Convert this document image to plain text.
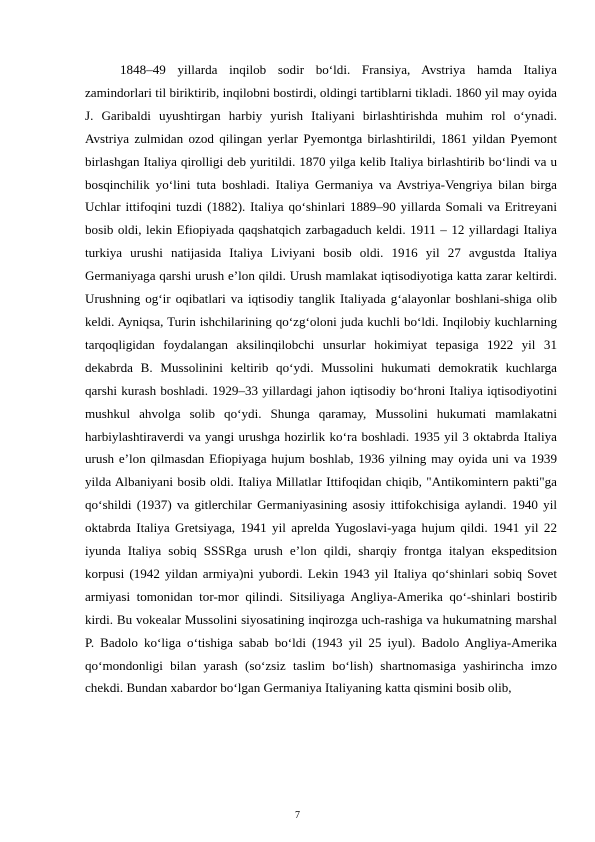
1848–49 yillarda inqilob sodir bo‘ldi. Fransiya, Avstriya hamda Italiya zamindorlari til biriktirib, inqilobni bostirdi, oldingi tartiblarni tikladi. 1860 yil may oyida J. Garibaldi uyushtirgan harbiy yurish Italiyani birlashtirishda muhim rol o‘ynadi. Avstriya zulmidan ozod qilingan yerlar Pyemontga birlashtirildi, 1861 yildan Pyemont birlashgan Italiya qirolligi deb yuritildi. 1870 yilga kelib Italiya birlashtirib bo‘lindi va u bosqinchilik yo‘lini tuta boshladi. Italiya Germaniya va Avstriya-Vengriya bilan birga Uchlar ittifoqini tuzdi (1882). Italiya qo‘shinlari 1889–90 yillarda Somali va Eritreyani bosib oldi, lekin Efiopiyada qaqshatqich zarbagaduch keldi. 1911 – 12 yillardagi Italiya turkiya urushi natijasida Italiya Liviyani bosib oldi. 1916 yil 27 avgustda Italiya Germaniyaga qarshi urush e’lon qildi. Urush mamlakat iqtisodiyotiga katta zarar keltirdi. Urushning og‘ir oqibatlari va iqtisodiy tanglik Italiyada g‘alayonlar boshlani-shiga olib keldi. Ayniqsa, Turin ishchilarining qo‘zg‘oloni juda kuchli bo‘ldi. Inqilobiy kuchlarning tarqoqligidan foydalangan aksilinqilobchi unsurlar hokimiyat tepasiga 1922 yil 31 dekabrda B. Mussolinini keltirib qo‘ydi. Mussolini hukumati demokratik kuchlarga qarshi kurash boshladi. 1929–33 yillardagi jahon iqtisodiy bo‘hroni Italiya iqtisodiyotini mushkul ahvolga solib qo‘ydi. Shunga qaramay, Mussolini hukumati mamlakatni harbiylashtiraverdi va yangi urushga hozirlik ko‘ra boshladi. 1935 yil 3 oktabrda Italiya urush e’lon qilmasdan Efiopiyaga hujum boshlab, 1936 yilning may oyida uni va 1939 yilda Albaniyani bosib oldi. Italiya Millatlar Ittifoqidan chiqib, "Antikomintern pakti"ga qo‘shildi (1937) va gitlerchilar Germaniyasining asosiy ittifokchisiga aylandi. 1940 yil oktabrda Italiya Gretsiyaga, 1941 yil aprelda Yugoslavi-yaga hujum qildi. 1941 yil 22 iyunda Italiya sobiq SSSRga urush e’lon qildi, sharqiy frontga italyan ekspeditsion korpusi (1942 yildan armiya)ni yubordi. Lekin 1943 yil Italiya qo‘shinlari sobiq Sovet armiyasi tomonidan tor-mor qilindi. Sitsiliyaga Angliya-Amerika qo‘-shinlari bostirib kirdi. Bu vokealar Mussolini siyosatining inqirozga uch-rashiga va hukumatning marshal P. Badolo ko‘liga o‘tishiga sabab bo‘ldi (1943 yil 25 iyul). Badolo Angliya-Amerika qo‘mondonligi bilan yarash (so‘zsiz taslim bo‘lish) shartnomasiga yashirincha imzo chekdi. Bundan xabardor bo‘lgan Germaniya Italiyaning katta qismini bosib olib,

7
